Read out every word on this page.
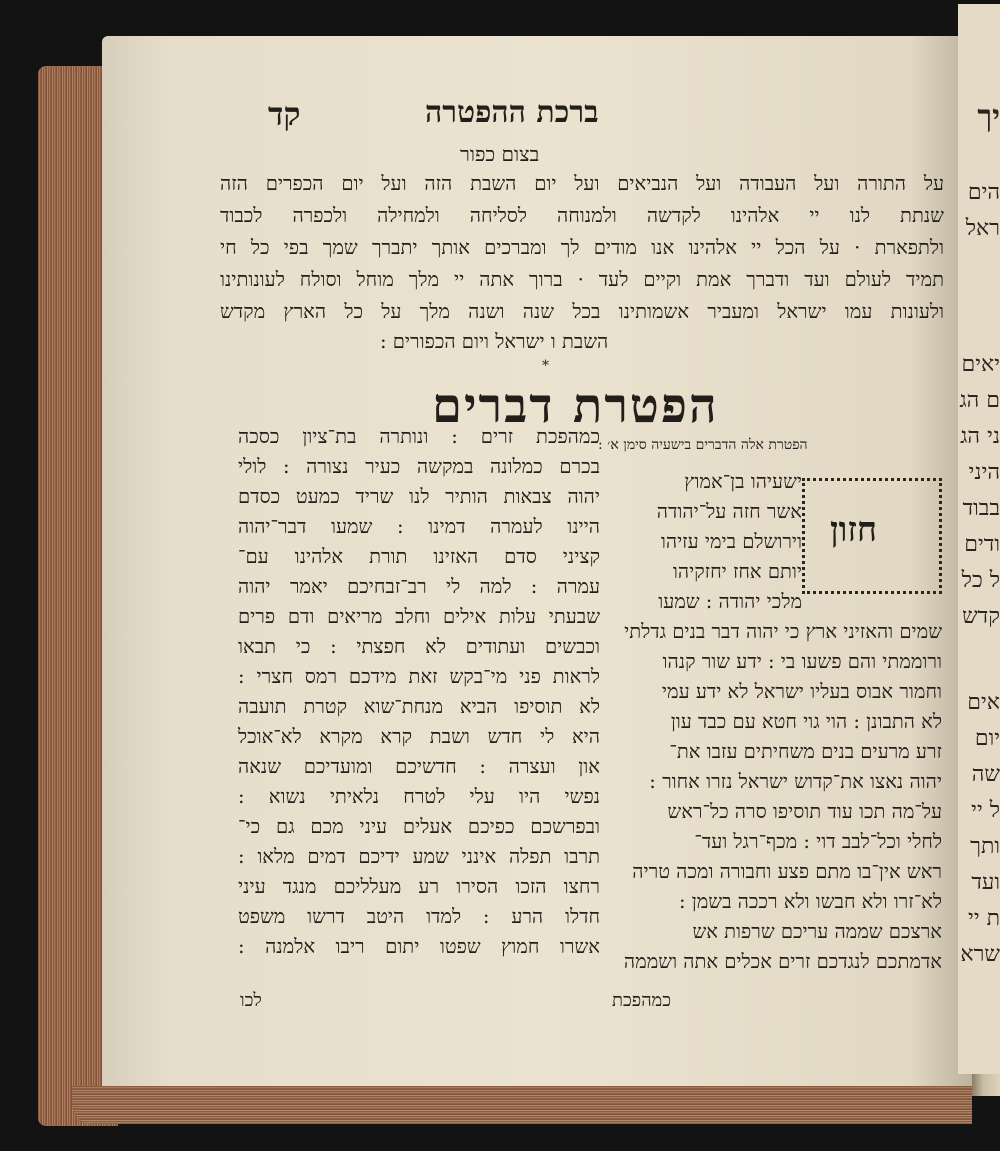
יך
הים
ראל
יאים
ם הג
ני הג
היני
בבוד
ודים
ל כל
קדש
אים
יום
שה
ל יי
ותך
ועד
ת יי
שרא
ברכת ההפטרה
קד
בצום כפור
על התורה ועל העבודה ועל הנביאים ועל יום השבת הזה ועל יום הכפרים הזה
שנתת לנו יי אלהינו לקדשה ולמנוחה לסליחה ולמחילה ולכפרה לכבוד
ולתפארת · על הכל יי אלהינו אנו מודים לך ומברכים אותך יתברך שמך בפי כל חי
תמיד לעולם ועד ודברך אמת וקיים לעד · ברוך אתה יי מלך מוחל וסולח לעונותינו
ולעונות עמו ישראל ומעביר אשמותינו בכל שנה ושנה מלך על כל הארץ מקדש
השבת ו ישראל ויום הכפורים :
*
הפטרת דברים
הפטרת אלה הדברים בישעיה סימן א׳ :
חזון
ישעיהו בן־אמוץ
אשר חזה על־יהודה
וירושלם בימי עזיהו
יותם אחז יחזקיהו
מלכי יהודה : שמעו
שמים והאזיני ארץ כי יהוה דבר בנים גדלתי
ורוממתי והם פשעו בי : ידע שור קנהו
וחמור אבוס בעליו ישראל לא ידע עמי
לא התבונן : הוי גוי חטא עם כבד עון
זרע מרעים בנים משחיתים עזבו את־
יהוה נאצו את־קדוש ישראל נזרו אחור :
על־מה תכו עוד תוסיפו סרה כל־ראש
לחלי וכל־לבב דוי : מכף־רגל ועד־
ראש אין־בו מתם פצע וחבורה ומכה טריה
לא־זרו ולא חבשו ולא רככה בשמן :
ארצכם שממה עריכם שרפות אש
אדמתכם לנגדכם זרים אכלים אתה ושממה
כמהפכת זרים : ונותרה בת־ציון כסכה
בכרם כמלונה במקשה כעיר נצורה : לולי
יהוה צבאות הותיר לנו שריד כמעט כסדם
היינו לעמרה דמינו : שמעו דבר־יהוה
קציני סדם האזינו תורת אלהינו עם־
עמרה : למה לי רב־זבחיכם יאמר יהוה
שבעתי עלות אילים וחלב מריאים ודם פרים
וכבשים ועתודים לא חפצתי : כי תבאו
לראות פני מי־בקש זאת מידכם רמס חצרי :
לא תוסיפו הביא מנחת־שוא קטרת תועבה
היא לי חדש ושבת קרא מקרא לא־אוכל
און ועצרה : חדשיכם ומועדיכם שנאה
נפשי היו עלי לטרח נלאיתי נשוא :
ובפרשכם כפיכם אעלים עיני מכם גם כי־
תרבו תפלה אינני שמע ידיכם דמים מלאו :
רחצו הזכו הסירו רע מעלליכם מנגד עיני
חדלו הרע : למדו היטב דרשו משפט
אשרו חמוץ שפטו יתום ריבו אלמנה :
כמהפכת
לכו
